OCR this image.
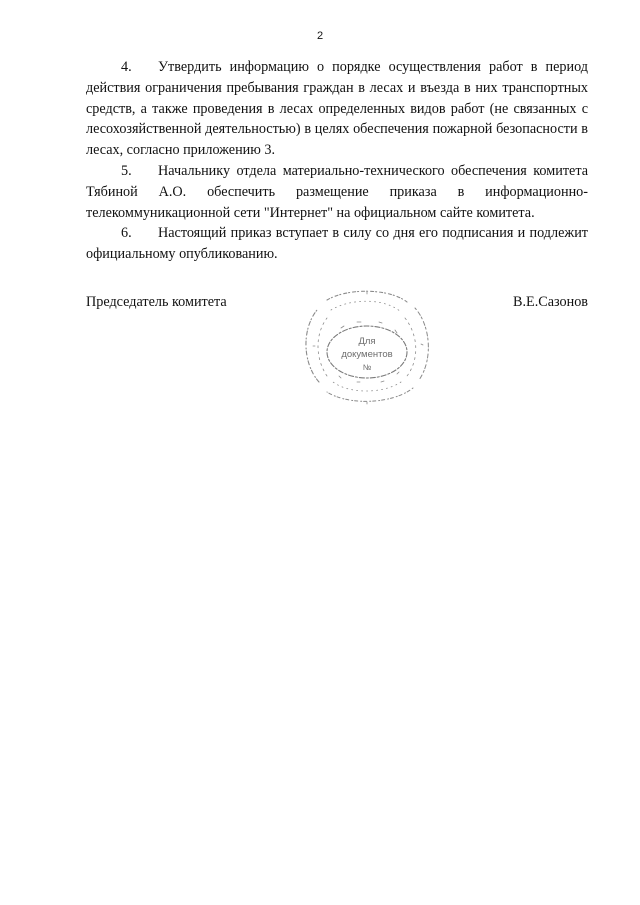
2

4. Утвердить информацию о порядке осуществления работ в период действия ограничения пребывания граждан в лесах и въезда в них транспортных средств, а также проведения в лесах определенных видов работ (не связанных с лесохозяйственной деятельностью) в целях обеспечения пожарной безопасности в лесах, согласно приложению 3.

5. Начальнику отдела материально-технического обеспечения комитета Тябиной А.О. обеспечить размещение приказа в информационно-телекоммуникационной сети "Интернет" на официальном сайте комитета.

6. Настоящий приказ вступает в силу со дня его подписания и подлежит официальному опубликованию.

Председатель комитета	В.Е.Сазонов
Для
документов
№
